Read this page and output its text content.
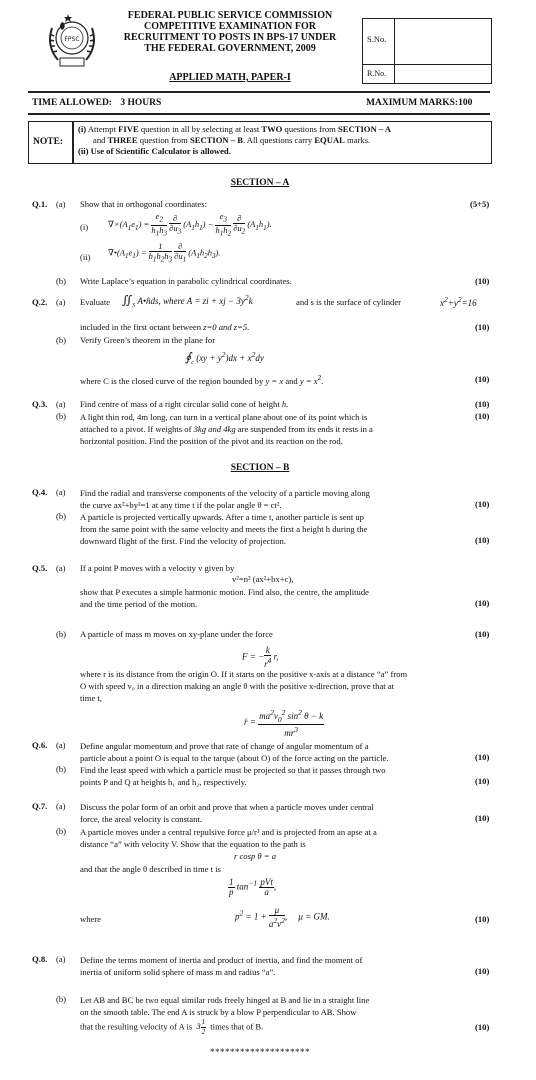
FPSC
FEDERAL PUBLIC SERVICE COMMISSION
COMPETITIVE EXAMINATION FOR
RECRUITMENT TO POSTS IN BPS-17 UNDER
THE FEDERAL GOVERNMENT, 2009
APPLIED MATH, PAPER-I
S.No.
R.No.
TIME ALLOWED: 3 HOURS	MAXIMUM MARKS:100
NOTE:
(i) Attempt FIVE question in all by selecting at least TWO questions from SECTION – A
and THREE question from SECTION – B. All questions carry EQUAL marks.
(ii) Use of Scientific Calculator is allowed.
SECTION – A
Q.1. (a) Show that in orthogonal coordinates:	(5+5)
(i) $\nabla\times(A_1e_1) = \frac{e_2}{h_1h_3}$
$\frac{\partial}{\partial u_3} (A_1h_1) - \frac{e_3}{h_1h_2}$
$\frac{\partial}{\partial u_2} (A_1h_1)$.
(ii) $\nabla•(A_1e_1) = \frac{1}{h_1h_2h_3}$
$\frac{\partial}{\partial u_1} (A_1h_2h_3)$.
(b) Write Laplace’s equation in parabolic cylindrical coordinates.	(10)
Q.2. (a) Evaluate $∬_S$ A•n̂ds, where A = zi + xj − $3y^2k$	and s is the surface of cylinder	$x^2+y^2=16$
included in the first octant between z=0 and z=5.	(10)
(b) Verify Green’s theorem in the plane for
$∮_c$ $(xy + y^2)dx + x^2dy$
where C is the closed curve of the region bounded by y = x and $y = x^2$.	(10)
Q.3. (a) Find centre of mass of a right circular solid cone of height h.	(10)
(b) A light thin rod, 4m long, can turn in a vertical plane about one of its point which is
attached to a pivot. If weights of 3kg and 4kg are suspended from its ends it rests in a
horizontal position. Find the position of the pivot and its reaction on the rod.
(10)
SECTION – B
Q.4. (a) Find the radial and transverse components of the velocity of a particle moving along
the curve ax²+by²=1 at any time t if the polar angle θ = ct².	(10)
(b) A particle is projected vertically upwards. After a time t, another particle is sent up
from the same point with the same velocity and meets the first a height h during the
downward flight of the first. Find the velocity of projection.	(10)
Q.5. (a) If a point P moves with a velocity v given by
v²=n² (ax²+bx+c),
show that P executes a simple harmonic motion. Find also, the centre, the amplitude
and the time period of the motion.	(10)
(b) A particle of mass m moves on xy-plane under the force	(10)
F = − $\frac{k}{r^4} r$,
where r is its distance from the origin O. If it starts on the positive x-axis at a distance “a” from
O with speed v₀ in a direction making an angle θ with the positive x-direction, prove that at
time t,
r̈ = $\frac{ma^2v_0^2 \sin^2 \theta - k}{mr^3}$
Q.6. (a) Define angular momentum and prove that rate of change of angular momentum of a
particle about a point O is equal to the tarque (about O) of the force acting on the particle.	(10)
(b) Find the least speed with which a particle must be projected so that it passes through two
points P and Q at heights h₁ and h₂, respectively.	(10)
Q.7. (a) Discuss the polar form of an orbit and prove that when a particle moves under central
force, the areal velocity is constant.	(10)
(b) A particle moves under a central repulsive force μ/r³ and is projected from an apse at a
distance “a” with velocity V. Show that the equation to the path is
r cosp θ = a
and that the angle θ described in time t is
$\frac{1}{p} \tan^{-1} \frac{\text{pVt}}{a}$ ,
where	$p^2 = 1 + \frac{\mu}{a^2v^2}$ ,     μ = GM.	(10)
Q.8. (a) Define the terms moment of inertia and product of inertia, and find the moment of
inertia of uniform solid sphere of mass m and radius “a”.	(10)
(b) Let AB and BC be two equal similar rods freely hinged at B and lie in a straight line
on the smooth table. The end A is struck by a blow P perpendicular to AB. Show
that the resulting velocity of A is $3 \frac{1}{2}$ times that of B.	(10)
********************
